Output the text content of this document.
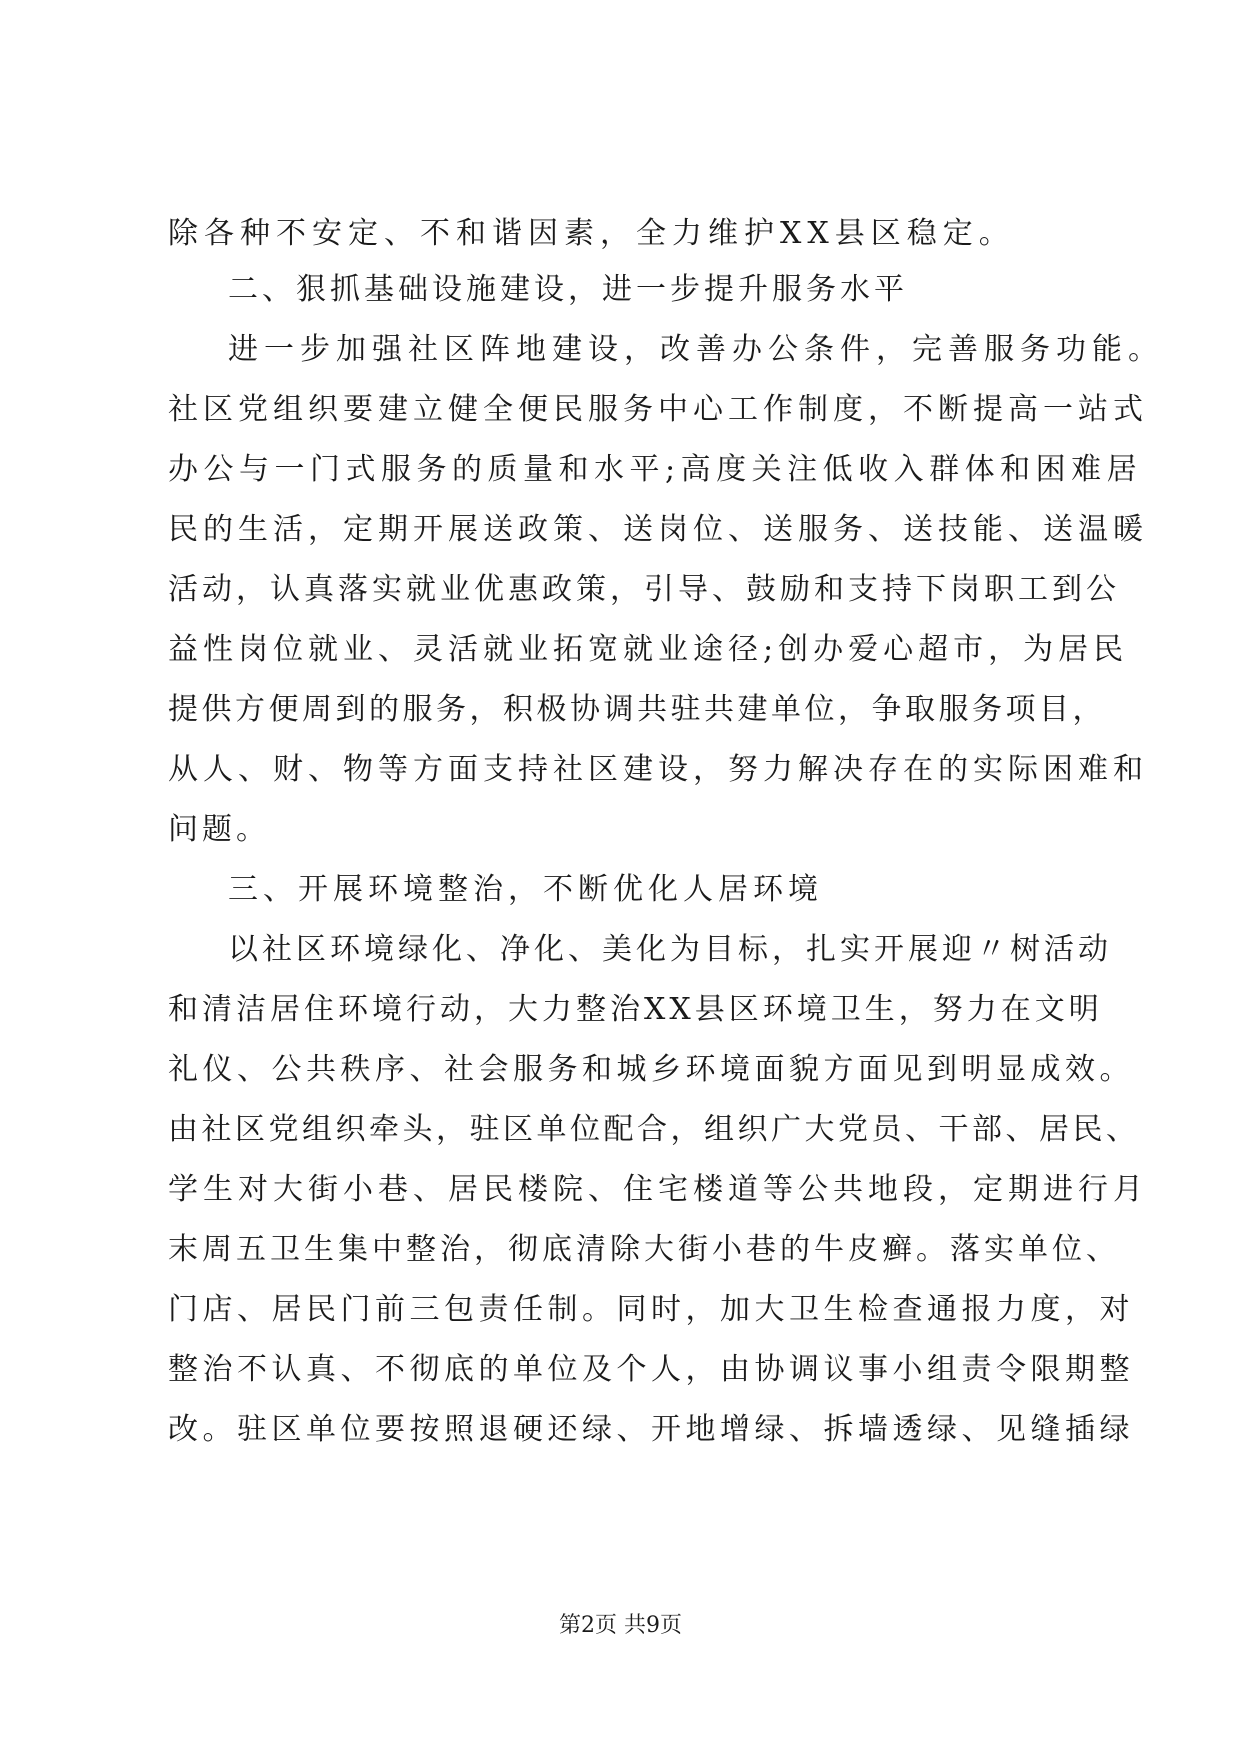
除各种不安定、不和谐因素，全力维护XX县区稳定。
二、狠抓基础设施建设，进一步提升服务水平
进一步加强社区阵地建设，改善办公条件，完善服务功能。
社区党组织要建立健全便民服务中心工作制度，不断提高一站式
办公与一门式服务的质量和水平;高度关注低收入群体和困难居
民的生活，定期开展送政策、送岗位、送服务、送技能、送温暖
活动，认真落实就业优惠政策，引导、鼓励和支持下岗职工到公
益性岗位就业、灵活就业拓宽就业途径;创办爱心超市，为居民
提供方便周到的服务，积极协调共驻共建单位，争取服务项目，
从人、财、物等方面支持社区建设，努力解决存在的实际困难和
问题。
三、开展环境整治，不断优化人居环境
以社区环境绿化、净化、美化为目标，扎实开展迎〃树活动
和清洁居住环境行动，大力整治XX县区环境卫生，努力在文明
礼仪、公共秩序、社会服务和城乡环境面貌方面见到明显成效。
由社区党组织牵头，驻区单位配合，组织广大党员、干部、居民、
学生对大街小巷、居民楼院、住宅楼道等公共地段，定期进行月
末周五卫生集中整治，彻底清除大街小巷的牛皮癣。落实单位、
门店、居民门前三包责任制。同时，加大卫生检查通报力度，对
整治不认真、不彻底的单位及个人，由协调议事小组责令限期整
改。驻区单位要按照退硬还绿、开地增绿、拆墙透绿、见缝插绿
第2页 共9页
